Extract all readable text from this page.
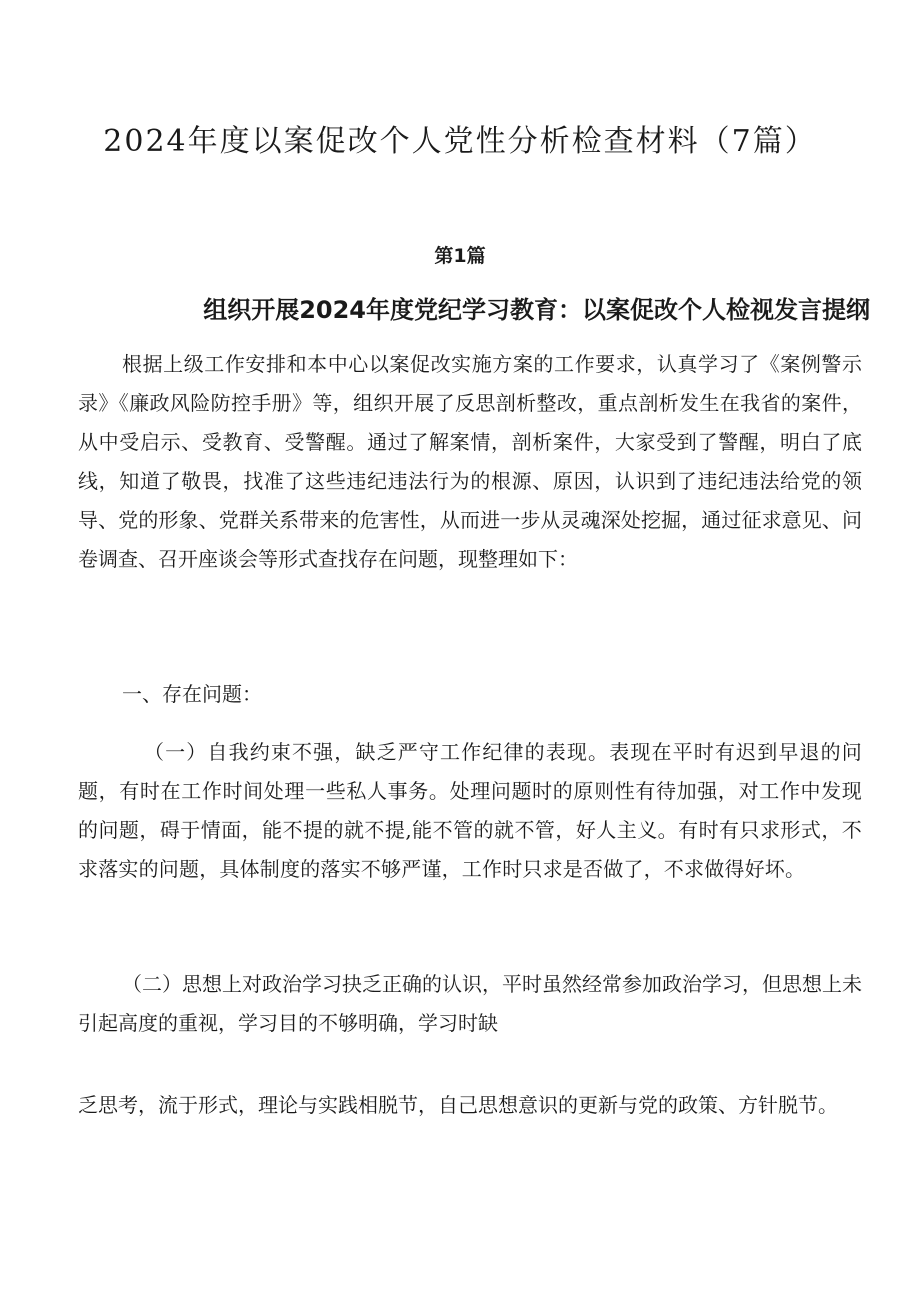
2024年度以案促改个人党性分析检查材料（7篇）
第1篇
组织开展2024年度党纪学习教育：以案促改个人检视发言提纲

根据上级工作安排和本中心以案促改实施方案的工作要求，认真学习了《案例警示录》《廉政风险防控手册》等，组织开展了反思剖析整改，重点剖析发生在我省的案件，从中受启示、受教育、受警醒。通过了解案情，剖析案件，大家受到了警醒，明白了底线，知道了敬畏，找准了这些违纪违法行为的根源、原因，认识到了违纪违法给党的领导、党的形象、党群关系带来的危害性，从而进一步从灵魂深处挖掘，通过征求意见、问卷调查、召开座谈会等形式查找存在问题，现整理如下：

一、存在问题：

（一）自我约束不强，缺乏严守工作纪律的表现。表现在平时有迟到早退的问题，有时在工作时间处理一些私人事务。处理问题时的原则性有待加强，对工作中发现的问题，碍于情面，能不提的就不提,能不管的就不管，好人主义。有时有只求形式，不求落实的问题，具体制度的落实不够严谨，工作时只求是否做了，不求做得好坏。

（二）思想上对政治学习抉乏正确的认识，平时虽然经常参加政治学习，但思想上未引起高度的重视，学习目的不够明确，学习时缺

乏思考，流于形式，理论与实践相脱节，自己思想意识的更新与党的政策、方针脱节。
